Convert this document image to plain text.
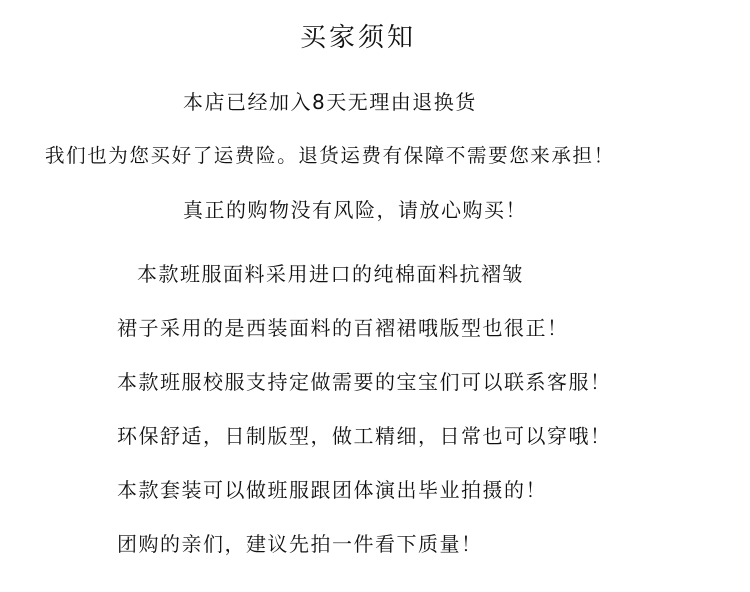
买家须知
本店已经加入8天无理由退换货
我们也为您买好了运费险。退货运费有保障不需要您来承担！
真正的购物没有风险，请放心购买！
本款班服面料采用进口的纯棉面料抗褶皱
裙子采用的是西装面料的百褶裙哦版型也很正！
本款班服校服支持定做需要的宝宝们可以联系客服！
环保舒适，日制版型，做工精细，日常也可以穿哦！
本款套装可以做班服跟团体演出毕业拍摄的！
团购的亲们，建议先拍一件看下质量！
